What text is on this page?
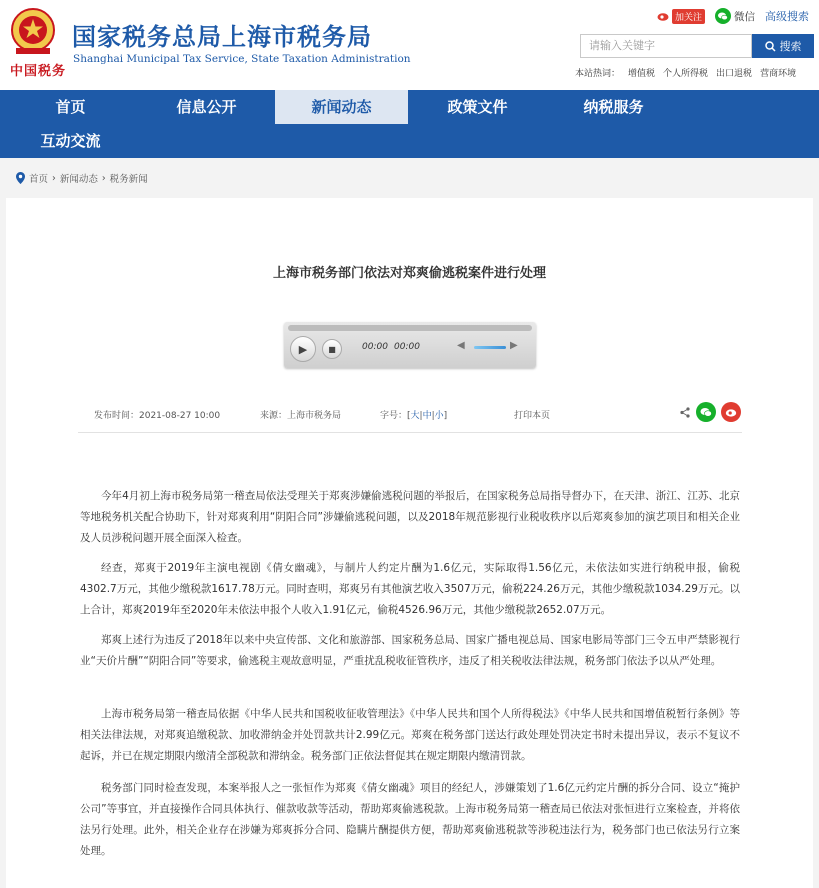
中国税务
国家税务总局上海市税务局
Shanghai Municipal Tax Service, State Taxation Administration
加关注	微信 高级搜索
请输入关键字	搜索
本站热词： 增值税 个人所得税 出口退税 营商环境
首页	信息公开	新闻动态	政策文件	纳税服务
互动交流
首页 › 新闻动态 › 税务新闻
上海市税务部门依法对郑爽偷逃税案件进行处理
▶	■	00:00 00:00	◀	▶
发布时间：2021-08-27 10:00	来源：上海市税务局	字号：[大|中|小]	打印本页

今年4月初上海市税务局第一稽查局依法受理关于郑爽涉嫌偷逃税问题的举报后，在国家税务总局指导督办下，在天津、浙江、江苏、北京等地税务机关配合协助下，针对郑爽利用“阴阳合同”涉嫌偷逃税问题，以及2018年规范影视行业税收秩序以后郑爽参加的演艺项目和相关企业及人员涉税问题开展全面深入检查。

经查，郑爽于2019年主演电视剧《倩女幽魂》，与制片人约定片酬为1.6亿元，实际取得1.56亿元，未依法如实进行纳税申报，偷税4302.7万元，其他少缴税款1617.78万元。同时查明，郑爽另有其他演艺收入3507万元，偷税224.26万元，其他少缴税款1034.29万元。以上合计，郑爽2019年至2020年未依法申报个人收入1.91亿元，偷税4526.96万元，其他少缴税款2652.07万元。

郑爽上述行为违反了2018年以来中央宣传部、文化和旅游部、国家税务总局、国家广播电视总局、国家电影局等部门三令五申严禁影视行业“天价片酬”“阴阳合同”等要求，偷逃税主观故意明显，严重扰乱税收征管秩序，违反了相关税收法律法规，税务部门依法予以从严处理。

上海市税务局第一稽查局依据《中华人民共和国税收征收管理法》《中华人民共和国个人所得税法》《中华人民共和国增值税暂行条例》等相关法律法规，对郑爽追缴税款、加收滞纳金并处罚款共计2.99亿元。郑爽在税务部门送达行政处理处罚决定书时未提出异议，表示不复议不起诉，并已在规定期限内缴清全部税款和滞纳金。税务部门正依法督促其在规定期限内缴清罚款。

税务部门同时检查发现，本案举报人之一张恒作为郑爽《倩女幽魂》项目的经纪人，涉嫌策划了1.6亿元约定片酬的拆分合同、设立“掩护公司”等事宜，并直接操作合同具体执行、催款收款等活动，帮助郑爽偷逃税款。上海市税务局第一稽查局已依法对张恒进行立案检查，并将依法另行处理。此外，相关企业存在涉嫌为郑爽拆分合同、隐瞒片酬提供方便，帮助郑爽偷逃税款等涉税违法行为，税务部门也已依法另行立案处理。
